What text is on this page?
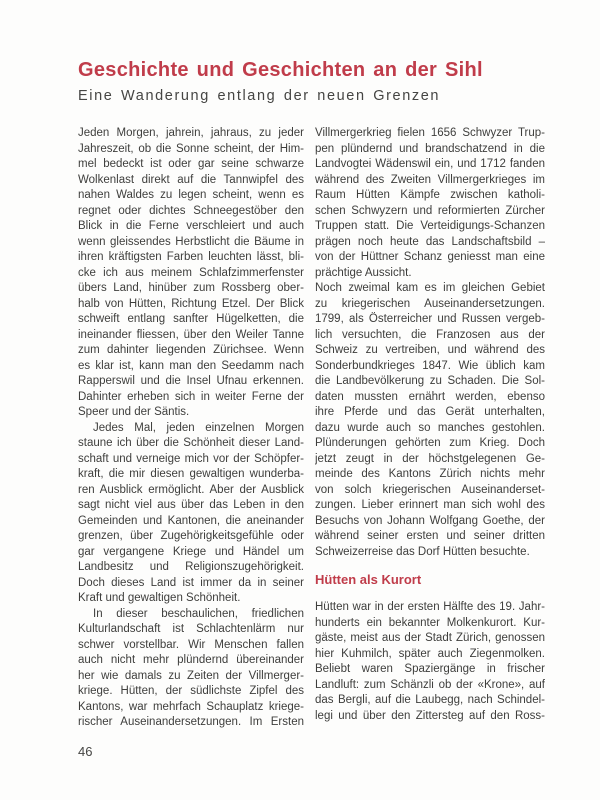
Geschichte und Geschichten an der Sihl
Eine Wanderung entlang der neuen Grenzen
Jeden Morgen, jahrein, jahraus, zu jeder
Jahreszeit, ob die Sonne scheint, der Him-
mel bedeckt ist oder gar seine schwarze
Wolkenlast direkt auf die Tannwipfel des
nahen Waldes zu legen scheint, wenn es
regnet oder dichtes Schneegestöber den
Blick in die Ferne verschleiert und auch
wenn gleissendes Herbstlicht die Bäume in
ihren kräftigsten Farben leuchten lässt, bli-
cke ich aus meinem Schlafzimmerfenster
übers Land, hinüber zum Rossberg ober-
halb von Hütten, Richtung Etzel. Der Blick
schweift entlang sanfter Hügelketten, die
ineinander fliessen, über den Weiler Tanne
zum dahinter liegenden Zürichsee. Wenn
es klar ist, kann man den Seedamm nach
Rapperswil und die Insel Ufnau erkennen.
Dahinter erheben sich in weiter Ferne der
Speer und der Säntis.
Jedes Mal, jeden einzelnen Morgen
staune ich über die Schönheit dieser Land-
schaft und verneige mich vor der Schöpfer-
kraft, die mir diesen gewaltigen wunderba-
ren Ausblick ermöglicht. Aber der Ausblick
sagt nicht viel aus über das Leben in den
Gemeinden und Kantonen, die aneinander
grenzen, über Zugehörigkeitsgefühle oder
gar vergangene Kriege und Händel um
Landbesitz und Religionszugehörigkeit.
Doch dieses Land ist immer da in seiner
Kraft und gewaltigen Schönheit.
In dieser beschaulichen, friedlichen
Kulturlandschaft ist Schlachtenlärm nur
schwer vorstellbar. Wir Menschen fallen
auch nicht mehr plündernd übereinander
her wie damals zu Zeiten der Villmerger-
kriege. Hütten, der südlichste Zipfel des
Kantons, war mehrfach Schauplatz kriege-
rischer Auseinandersetzungen. Im Ersten
Villmergerkrieg fielen 1656 Schwyzer Trup-
pen plündernd und brandschatzend in die
Landvogtei Wädenswil ein, und 1712 fanden
während des Zweiten Villmergerkrieges im
Raum Hütten Kämpfe zwischen katholi-
schen Schwyzern und reformierten Zürcher
Truppen statt. Die Verteidigungs-Schanzen
prägen noch heute das Landschaftsbild –
von der Hüttner Schanz geniesst man eine
prächtige Aussicht.
Noch zweimal kam es im gleichen Gebiet
zu kriegerischen Auseinandersetzungen.
1799, als Österreicher und Russen vergeb-
lich versuchten, die Franzosen aus der
Schweiz zu vertreiben, und während des
Sonderbundkrieges 1847. Wie üblich kam
die Landbevölkerung zu Schaden. Die Sol-
daten mussten ernährt werden, ebenso
ihre Pferde und das Gerät unterhalten,
dazu wurde auch so manches gestohlen.
Plünderungen gehörten zum Krieg. Doch
jetzt zeugt in der höchstgelegenen Ge-
meinde des Kantons Zürich nichts mehr
von solch kriegerischen Auseinanderset-
zungen. Lieber erinnert man sich wohl des
Besuchs von Johann Wolfgang Goethe, der
während seiner ersten und seiner dritten
Schweizerreise das Dorf Hütten besuchte.
Hütten als Kurort
Hütten war in der ersten Hälfte des 19. Jahr-
hunderts ein bekannter Molkenkurort. Kur-
gäste, meist aus der Stadt Zürich, genossen
hier Kuhmilch, später auch Ziegenmolken.
Beliebt waren Spaziergänge in frischer
Landluft: zum Schänzli ob der «Krone», auf
das Bergli, auf die Laubegg, nach Schindel-
legi und über den Zittersteg auf den Ross-
46
